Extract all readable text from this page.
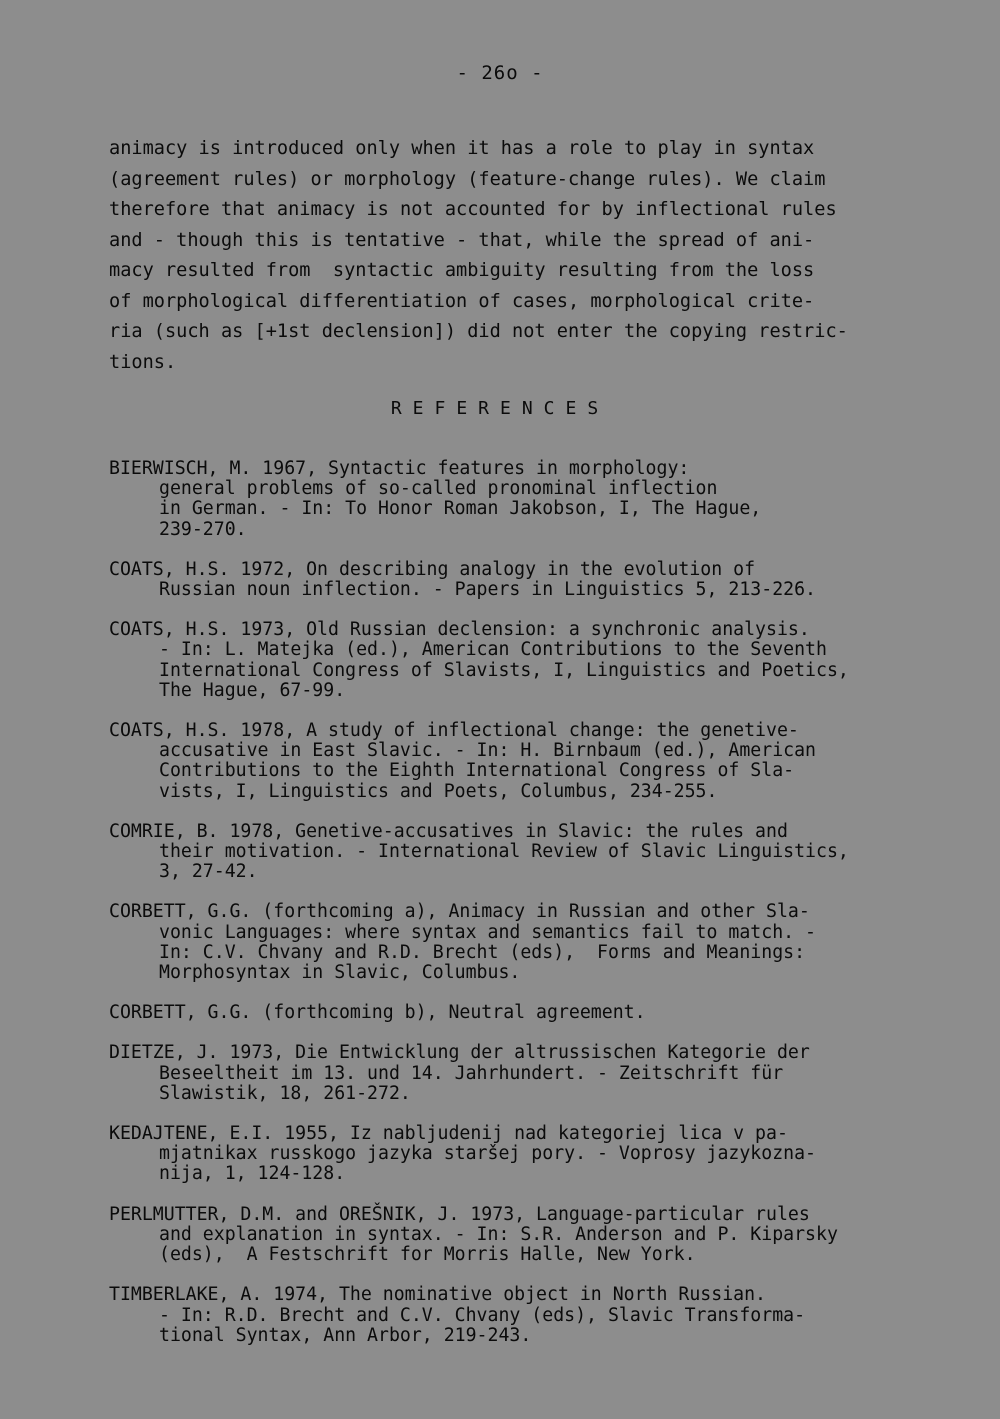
- 26o -
animacy is introduced only when it has a role to play in syntax
(agreement rules) or morphology (feature-change rules). We claim
therefore that animacy is not accounted for by inflectional rules
and - though this is tentative - that, while the spread of ani-
macy resulted from  syntactic ambiguity resulting from the loss
of morphological differentiation of cases, morphological crite-
ria (such as [+1st declension]) did not enter the copying restric-
tions.
REFERENCES
BIERWISCH, M. 1967, Syntactic features in morphology:
general problems of so-called pronominal inflection
in German. - In: To Honor Roman Jakobson, I, The Hague,
239-270.
COATS, H.S. 1972, On describing analogy in the evolution of
Russian noun inflection. - Papers in Linguistics 5, 213-226.
COATS, H.S. 1973, Old Russian declension: a synchronic analysis.
- In: L. Matejka (ed.), American Contributions to the Seventh
International Congress of Slavists, I, Linguistics and Poetics,
The Hague, 67-99.
COATS, H.S. 1978, A study of inflectional change: the genetive-
accusative in East Slavic. - In: H. Birnbaum (ed.), American
Contributions to the Eighth International Congress of Sla-
vists, I, Linguistics and Poets, Columbus, 234-255.
COMRIE, B. 1978, Genetive-accusatives in Slavic: the rules and
their motivation. - International Review of Slavic Linguistics,
3, 27-42.
CORBETT, G.G. (forthcoming a), Animacy in Russian and other Sla-
vonic Languages: where syntax and semantics fail to match. -
In: C.V. Chvany and R.D. Brecht (eds),  Forms and Meanings:
Morphosyntax in Slavic, Columbus.
CORBETT, G.G. (forthcoming b), Neutral agreement.
DIETZE, J. 1973, Die Entwicklung der altrussischen Kategorie der
Beseeltheit im 13. und 14. Jahrhundert. - Zeitschrift für
Slawistik, 18, 261-272.
KEDAJTENE, E.I. 1955, Iz nabljudenij nad kategoriej lica v pa-
mjatnikax russkogo jazyka staršej pory. - Voprosy jazykozna-
nija, 1, 124-128.
PERLMUTTER, D.M. and OREŠNIK, J. 1973, Language-particular rules
and explanation in syntax. - In: S.R. Anderson and P. Kiparsky
(eds),  A Festschrift for Morris Halle, New York.
TIMBERLAKE, A. 1974, The nominative object in North Russian.
- In: R.D. Brecht and C.V. Chvany (eds), Slavic Transforma-
tional Syntax, Ann Arbor, 219-243.
